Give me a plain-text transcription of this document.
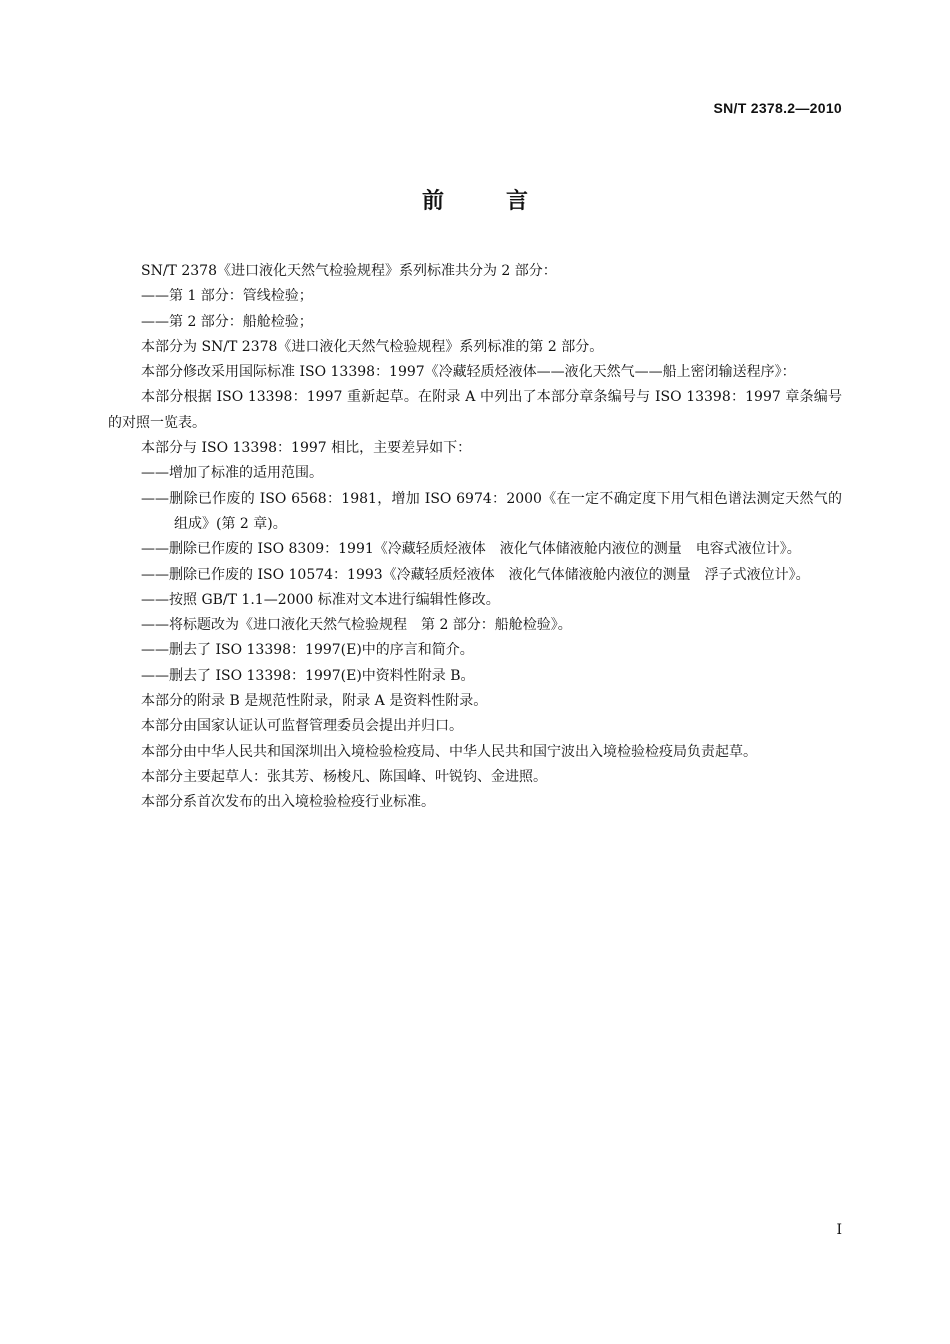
SN/T 2378.2—2010
前言

SN/T 2378《进口液化天然气检验规程》系列标准共分为 2 部分：

——第 1 部分：管线检验；

——第 2 部分：船舱检验；

本部分为 SN/T 2378《进口液化天然气检验规程》系列标准的第 2 部分。

本部分修改采用国际标准 ISO 13398：1997《冷藏轻质烃液体——液化天然气——船上密闭输送程序》：

本部分根据 ISO 13398：1997 重新起草。在附录 A 中列出了本部分章条编号与 ISO 13398：1997 章条编号的对照一览表。

本部分与 ISO 13398：1997 相比，主要差异如下：

——增加了标准的适用范围。

——删除已作废的 ISO 6568：1981，增加 ISO 6974：2000《在一定不确定度下用气相色谱法测定天然气的组成》(第 2 章)。

——删除已作废的 ISO 8309：1991《冷藏轻质烃液体　液化气体储液舱内液位的测量　电容式液位计》。

——删除已作废的 ISO 10574：1993《冷藏轻质烃液体　液化气体储液舱内液位的测量　浮子式液位计》。

——按照 GB/T 1.1—2000 标准对文本进行编辑性修改。

——将标题改为《进口液化天然气检验规程　第 2 部分：船舱检验》。

——删去了 ISO 13398：1997(E)中的序言和简介。

——删去了 ISO 13398：1997(E)中资料性附录 B。

本部分的附录 B 是规范性附录，附录 A 是资料性附录。

本部分由国家认证认可监督管理委员会提出并归口。

本部分由中华人民共和国深圳出入境检验检疫局、中华人民共和国宁波出入境检验检疫局负责起草。

本部分主要起草人：张其芳、杨梭凡、陈国峰、叶锐钧、金进照。

本部分系首次发布的出入境检验检疫行业标准。

I
